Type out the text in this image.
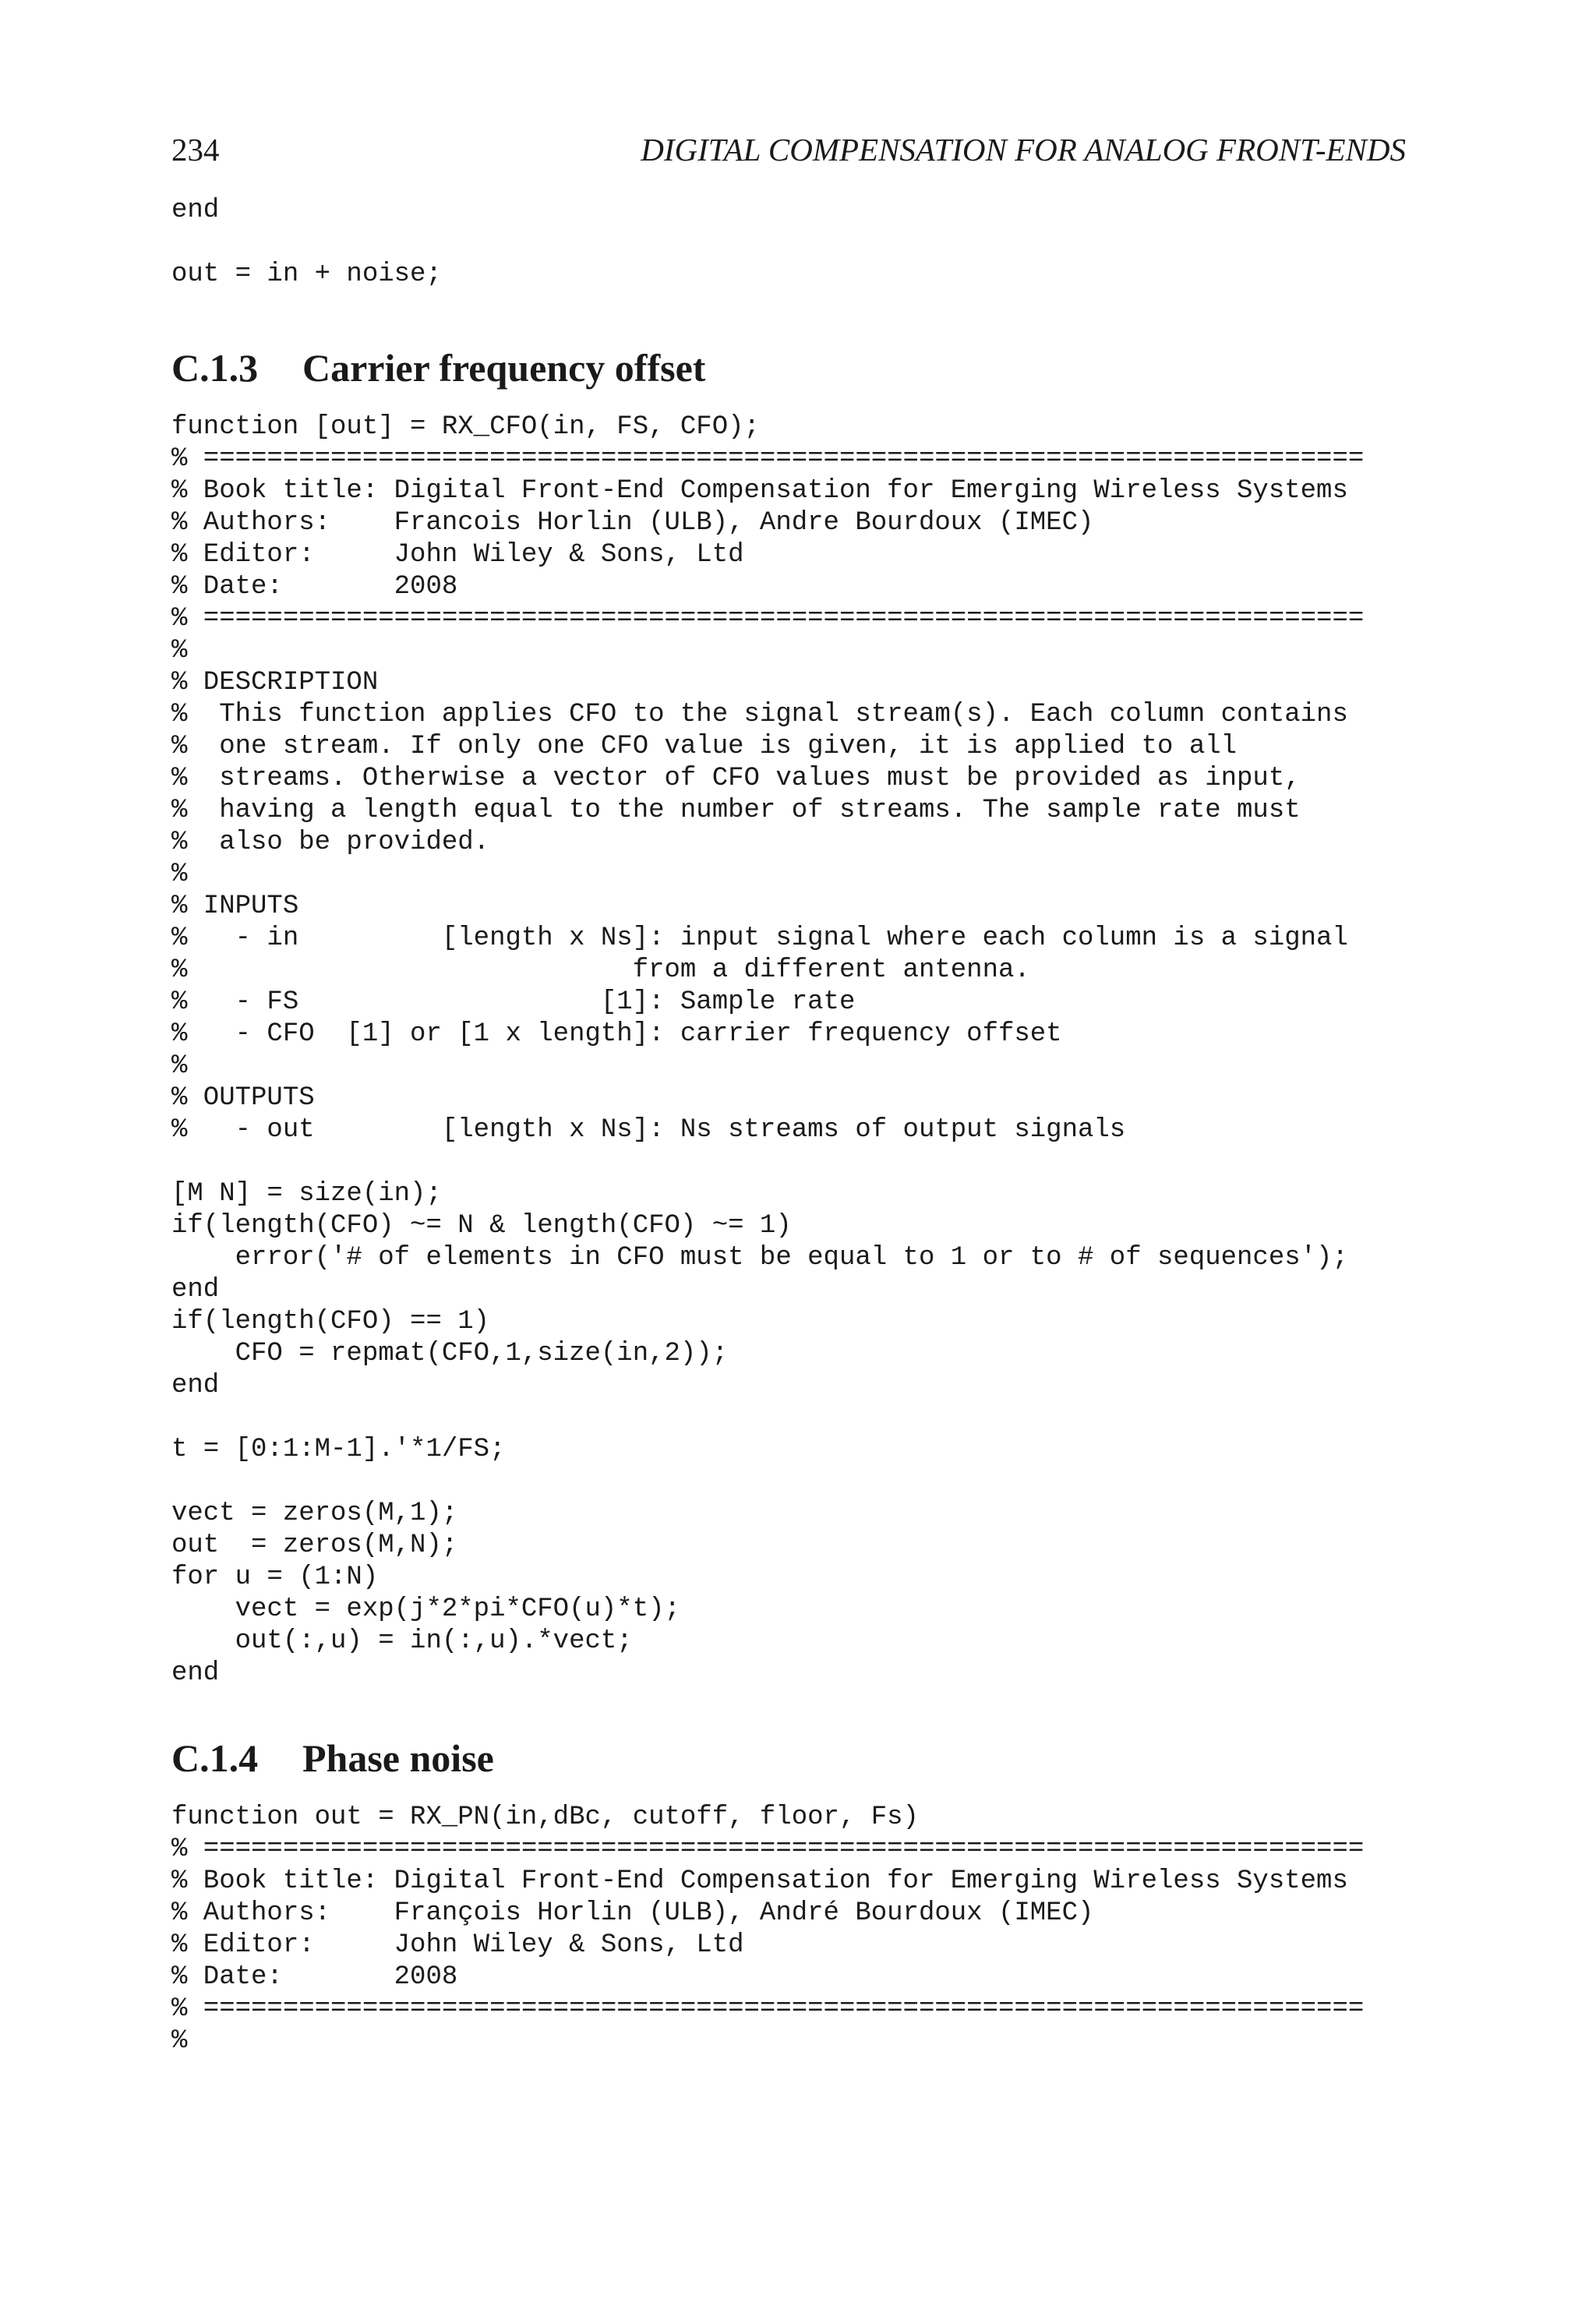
234	DIGITAL COMPENSATION FOR ANALOG FRONT-ENDS
end
out = in + noise;
C.1.3 Carrier frequency offset
function [out] = RX_CFO(in, FS, CFO);
% =========================================================================
% Book title: Digital Front-End Compensation for Emerging Wireless Systems
% Authors:    Francois Horlin (ULB), Andre Bourdoux (IMEC)
% Editor:     John Wiley & Sons, Ltd
% Date:       2008
% =========================================================================
%
% DESCRIPTION
%  This function applies CFO to the signal stream(s). Each column contains
%  one stream. If only one CFO value is given, it is applied to all
%  streams. Otherwise a vector of CFO values must be provided as input,
%  having a length equal to the number of streams. The sample rate must
%  also be provided.
%
% INPUTS
%   - in         [length x Ns]: input signal where each column is a signal
%                            from a different antenna.
%   - FS                   [1]: Sample rate
%   - CFO  [1] or [1 x length]: carrier frequency offset
%
% OUTPUTS
%   - out        [length x Ns]: Ns streams of output signals
[M N] = size(in);
if(length(CFO) ~= N & length(CFO) ~= 1)
error('# of elements in CFO must be equal to 1 or to # of sequences');
end
if(length(CFO) == 1)
CFO = repmat(CFO,1,size(in,2));
end
t = [0:1:M-1].'*1/FS;
vect = zeros(M,1);
out  = zeros(M,N);
for u = (1:N)
vect = exp(j*2*pi*CFO(u)*t);
out(:,u) = in(:,u).*vect;
end
C.1.4 Phase noise
function out = RX_PN(in,dBc, cutoff, floor, Fs)
% =========================================================================
% Book title: Digital Front-End Compensation for Emerging Wireless Systems
% Authors:    François Horlin (ULB), André Bourdoux (IMEC)
% Editor:     John Wiley & Sons, Ltd
% Date:       2008
% =========================================================================
%
